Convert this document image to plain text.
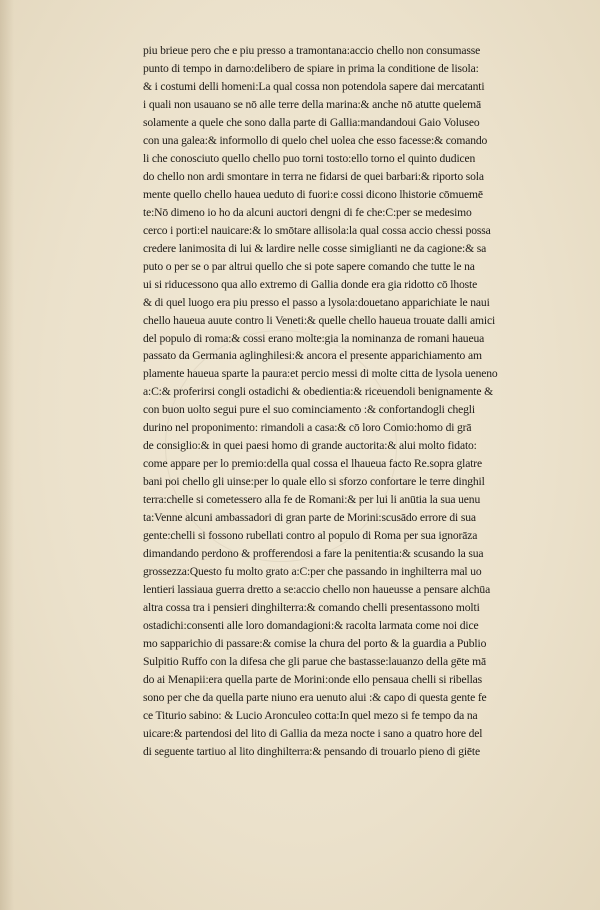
piu brieue pero che e piu presso a tramontana:accio chello non consumasse
punto di tempo in darno:delibero de spiare in prima la conditione de lisola:
& i costumi delli homeni:La qual cossa non potendola sapere dai mercatanti
i quali non usauano se nō alle terre della marina:& anche nō atutte quelemā
solamente a quele che sono dalla parte di Gallia:mandandoui Gaio Voluseo
con una galea:& informollo di quelo chel uolea che esso facesse:& comando
li che conosciuto quello chello puo torni tosto:ello torno el quinto dudicen
do chello non ardi smontare in terra ne fidarsi de quei barbari:& riporto sola
mente quello chello hauea ueduto di fuori:e cossi dicono lhistorie cōmuemē
te:Nō dimeno io ho da alcuni auctori dengni di fe che:C:per se medesimo
cerco i porti:el nauicare:& lo smōtare allisola:la qual cossa accio chessi possa
credere lanimosita di lui & lardire nelle cosse simiglianti ne da cagione:& sa
puto o per se o par altrui quello che si pote sapere comando che tutte le na
ui si riducessono qua allo extremo di Gallia donde era gia ridotto cō lhoste
& di quel luogo era piu presso el passo a lysola:douetano apparichiate le naui
chello haueua auute contro li Veneti:& quelle chello haueua trouate dalli amici
del populo di roma:& cossi erano molte:gia la nominanza de romani haueua
passato da Germania aglinghilesi:& ancora el presente apparichiamento am
plamente haueua sparte la paura:et percio messi di molte citta de lysola ueneno
a:C:& proferirsi congli ostadichi & obedientia:& riceuendoli benignamente &
con buon uolto segui pure el suo cominciamento :& confortandogli chegli
durino nel proponimento: rimandoli a casa:& cō loro Comio:homo di grā
de consiglio:& in quei paesi homo di grande auctorita:& alui molto fidato:
come appare per lo premio:della qual cossa el lhaueua facto Re.sopra glatre
bani poi chello gli uinse:per lo quale ello si sforzo confortare le terre dinghil
terra:chelle si cometessero alla fe de Romani:& per lui li anūtia la sua uenu
ta:Venne alcuni ambassadori di gran parte de Morini:scusādo errore di sua
gente:chelli si fossono rubellati contro al populo di Roma per sua ignorāza
dimandando perdono & profferendosi a fare la penitentia:& scusando la sua
grossezza:Questo fu molto grato a:C:per che passando in inghilterra mal uo
lentieri lassiaua guerra dretto a se:accio chello non haueusse a pensare alchūa
altra cossa tra i pensieri dinghilterra:& comando chelli presentassono molti
ostadichi:consenti alle loro domandagioni:& racolta larmata come noi dice
mo sapparichio di passare:& comise la chura del porto & la guardia a Publio
Sulpitio Ruffo con la difesa che gli parue che bastasse:lauanzo della gēte mā
do ai Menapii:era quella parte de Morini:onde ello pensaua chelli si ribellas
sono per che da quella parte niuno era uenuto alui :& capo di questa gente fe
ce Titurio sabino: & Lucio Aronculeo cotta:In quel mezo si fe tempo da na
uicare:& partendosi del lito di Gallia da meza nocte i sano a quatro hore del
di seguente tartiuo al lito dinghilterra:& pensando di trouarlo pieno di giēte
